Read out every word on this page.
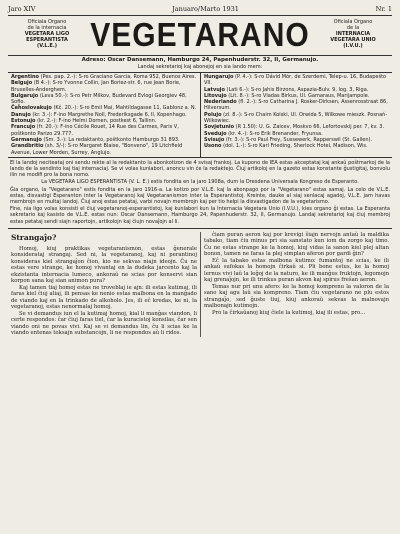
Jaro XIV	Januaro/Marto 1931	Nr. 1
Oficiala Organo
de la internacia
VEGETARA LIGO
ESPERANTISTA
(V.L.E.)	VEGETARANO	Oficiala Organo
de la
INTERNACIA
VEGETARA UNIO
(I.V.U.)
Adreso: Oscar Dansemann, Hamburgo 24, Papenhuderstr. 32, II, Germanujo.
Landaj sekretarioj kaj abonejoj en sia lando mem:
Argentino (Pes. pap. 2.-): S-ro Graciano Garcia, Roma 952, Buenos Aires.
Belgujo (B 4.-): S-ro Yvonne Collin, Jan Boriez-str. 6, rue Jean Borie, Bruxelles-Anderghem.
Bulgarujo (Leva 50.-): S-ro Petr Milkov, Budevard Evlogi Georgiev 48, Sofio.
Ĉeĥoslovakujo (Kĉ. 20.-): S-ro Emil Mai, Mahtildagasse 11, Gablonz a. N.
Danujo (kr. 3.-): F-ino Margrethe Noll, Frederiksgade 6, II, Kopenhago.
Estonujo (kr. 2.-): F-ino Helmi Dornen, postkest 6, Tallinn.
Francujo (fr. 20.-): F-ino Cécile Rouet, 14 Rue des Carmes, Paris V, poŝtkonto Parizo 29.777.
Germanujo (Sm. 3.-): La redaktanto, poŝtkonto Hamburgo 31 893.
Grandbritio (sh. 3/-): S-ro Margaret Blaise, "Bonveno", 19 Litchfield Avenue, Lower Morden, Surrey, Anglujo.
Hungarujo (P. 4.-): S-ro Dávid Mór, de Szerdemi, Telep-u. 16, Budapešto VII.
Latvujo (Lati 6.-): S-ro Jahis Birzons, Aspazia-Bulv. 9, log. 3, Riga.
Litovujo (Lit. 8.-): S-ro Vladas Birkus, Ul. Gamaraus, Marijampole.
Nederlando (fl. 2.-): S-ro Catharina J. Rosker-Dirksen, Assenrosstraat 86, Hilversum.
Polujo (zl. 8.-): S-ro Chaim Kolski, Ul. Orwida 5, Wilkowe mieszk. Posnań-Wilkowiec.
Sovjetunio (R 1.50): U. G. Zaicev, Moskvo 66, Lefortovskij per. 7, kv. 3.
Svedujo (kr. 4.-): S-ro Erik Brenander, Fryunsa.
Svisujo (fr. 3.-): S-ro Paul Frey, Sussewerk, Rapperswil (St. Gallen).
Usono (dol. 1.-): S-ro Karl Frieding, Sherlock Hotel, Madison, Wis.

El la landoj neciteataj oni sendu rekte al la redaktanto la abonkotizon de 4 svisaj frankoj. La kupono de IEA estas akceptataj kaj ankaŭ poŝtmarkoj de la lando de la sendinto kaj tiaj internaciaj. Se vi volas kunlabori, anoncu vin ĉe la redaktejo. Ĉiuj artikoloj en la gazeto estas konstante ĝustigitaj, bonvolu ilin ne modifi pro la bona nomo.

La VEGETARA LIGO ESPERANTISTA (V. L. E.) estis fondita en la jaro 1908a, dum la Dresdena Universala Kongreso de Esperanto.

Ĝia organo, la "Vegetarano" estis fondita en la jaro 1916-a. La kotizo por V.L.E. kaj la abonpago por la "Vegetarano" estas samaj. La celo de V.L.E. estas, disvastigi Esperanton inter la Vegetaranoj kaj Vegetaranismon inter la Esperantistoj. Kreinte, dauke al siaj senlacaj agadoj, V.L.E. jam havas membrojn en multaj landoj. Ĉiuj anoj estas petataj, varbi novajn membrojn kaj per tio helpi la disvastigadon de la vegetarismo.

Fine, nia ligo volas konsisti el ĉiuj vegetaranoj-esperantistoj, kaj kunlabori kun la Internacia Vegetara Unio (I.V.U.), kies organo ĝi estas. La Esperanta sekretario kaj kasisto de V.L.E. estas nun: Oscar Dansemann, Hamburgo 24, Papenhuderstr. 32, II, Germanujo. Landaj sekretarioj kaj ĉiuj membroj estas petataj sendi siajn raportojn, artikolojn kaj ĉiujn novaĵojn al li.

Strangaĵo?

Homoj, kiuj praktikas vegetaranismon, estas ĝenerale konsiderataj strangaj. Sed ni, la vegetaranoj, kaj ni perantinoj konsideras kiel strangaĵon ĉion, kio ne sekvas niajn ideojn. Ĉu ne estas vere strange, ke homoj vivantaj en la dudeka jarcento kaj la ekzistanta internacia lumeco, ankoraŭ ne scias por konservi sian korpon sana kaj sian animon pura?

Kaj tamen tiaj homoj estas ne troveblaj ie ajn: ili estas kutimaj, ili faras kiel ĉiuj aliaj, ili pensas ke nenio estas malbona en la manĝado de viando kaj en la trinkado de alkoholo. Jes, ili eĉ kredas, ke ni, la vegetaranoj, estas nenormalaj homoj.

Se vi demandus iun el la kutimaj homoj, kial li manĝas viandon, li certe respondos: ĉar ĉiuj faras tiel, ĉar la kuracistoj konsilas, ĉar sen viando oni ne povas vivi. Kaj se vi demandus lin, ĉu li scias ke la viando entenas toksajn substancojn, li ne respondos aŭ li ridos.

ĉiam puran aeron kaj por krevigi ŝiajn nervojn antaŭ la maldika tabako, tiam ĉiu minus pri sia sanstato kun iom da zorgo kaj timo. Ĉu ne estas strange ke la homoj, kiuj vidas la sanon kiel plej altan bonon, tamen ne faras la plej simplan aferon por gardi ĝin?

Eĉ la tabako estas malbona kutimo: fumantoj ne scias, ke ili ankaŭ sufokas la homojn ĉirkaŭ si. Pli bone estus, ke la homoj lernus vivi laŭ la leĝoj de la naturo, ke ili manĝus fruktojn, legomojn kaj grenaĵojn, ke ili trinkus puran akvon kaj spirus freŝan aeron.

Temas nur pri unu afero: ke la homoj komprenu la valoron de la sano kaj agu laŭ sia kompreno. Tiam ĉiu vegetarano ne plu estos strangaĵo, sed ĝuste tiuj, kiuj ankoraŭ sekvas la malnovajn malbonajn kutimojn.

Pro la ĉirkaŭanoj kiuj ĉiele la kutimoj, kiaj ili estas, pro...
